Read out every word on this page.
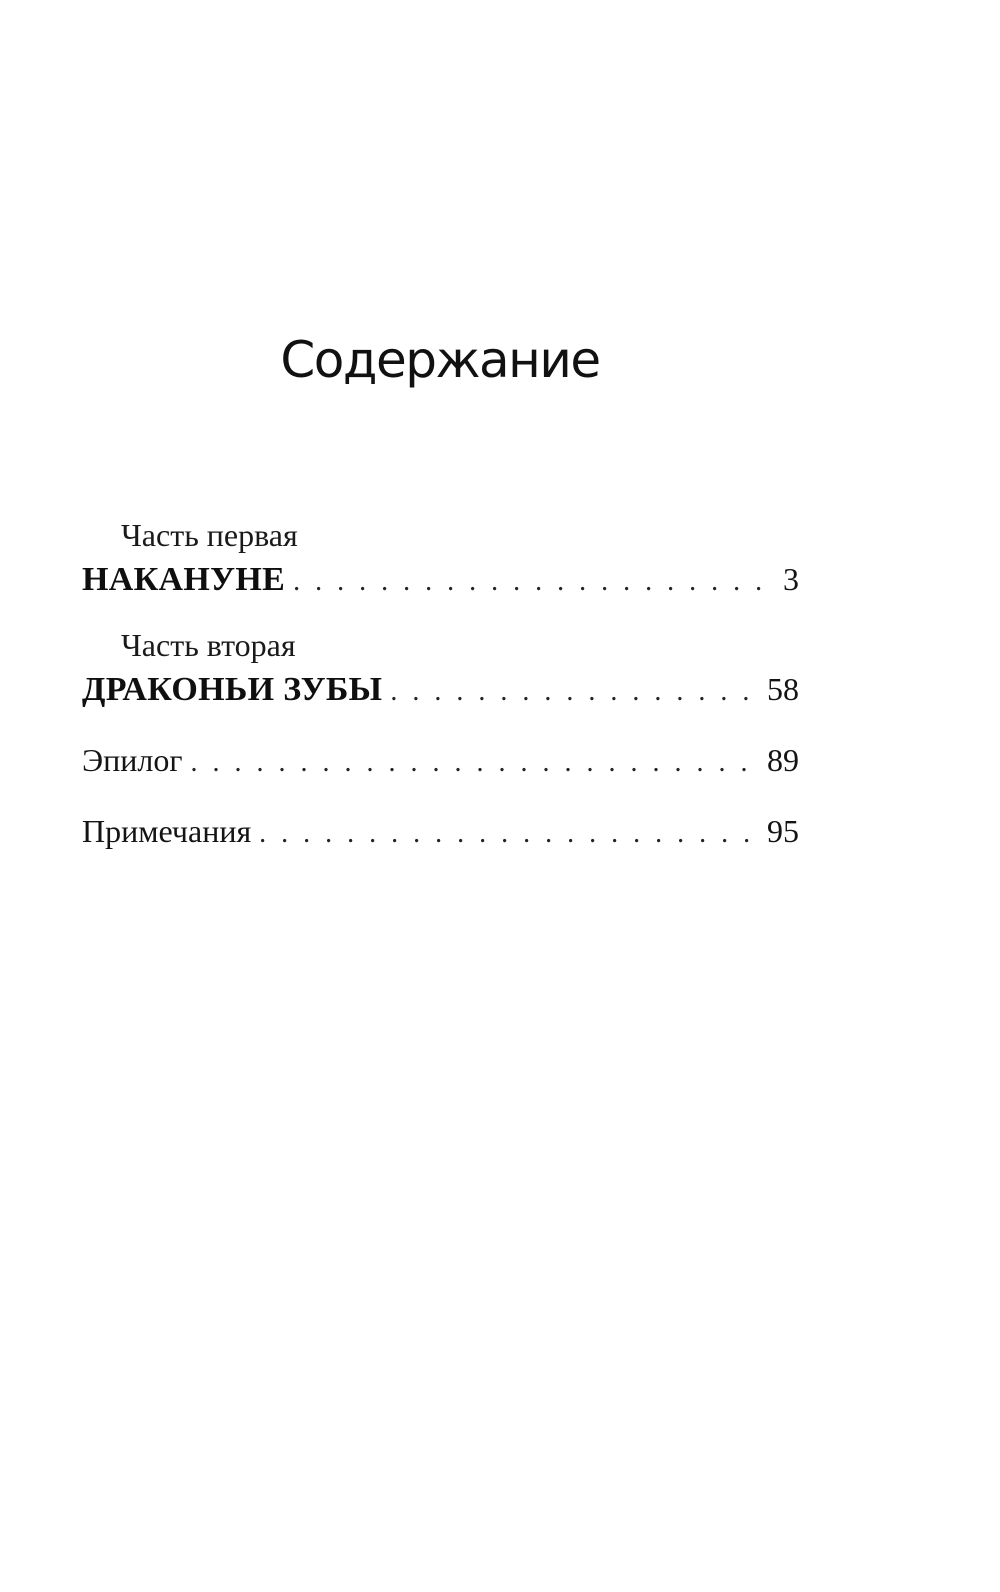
Содержание
Часть первая
НАКАНУНЕ . . .	3
Часть вторая
ДРАКОНЬИ ЗУБЫ . . .	58
Эпилог . . .	89
Примечания . . .	95
